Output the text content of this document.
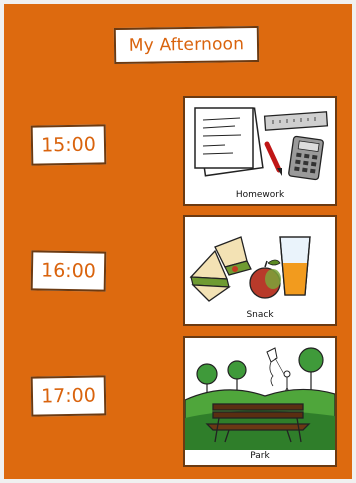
My Afternoon
15:00
Homework
16:00
Snack
17:00
Park
